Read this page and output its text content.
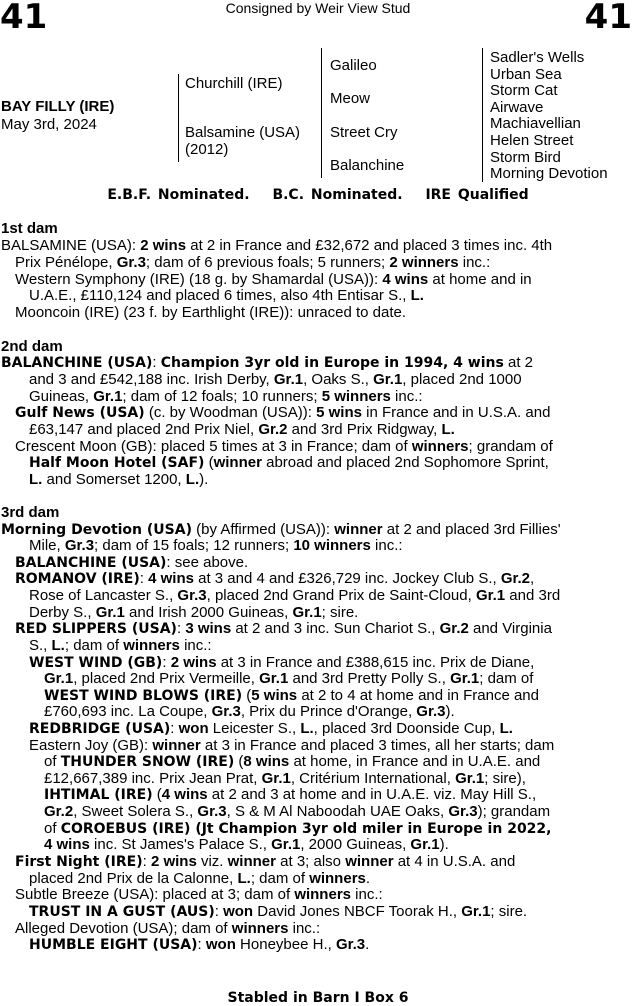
41	Consigned by Weir View Stud	41
BAY FILLY (IRE)
May 3rd, 2024
Churchill (IRE)
Balsamine (USA)
(2012)
Galileo
Meow
Street Cry
Balanchine
Sadler's Wells
Urban Sea
Storm Cat
Airwave
Machiavellian
Helen Street
Storm Bird
Morning Devotion
E.B.F. Nominated. B.C. Nominated. IRE Qualified
1st dam
BALSAMINE (USA): 2 wins at 2 in France and £32,672 and placed 3 times inc. 4th
Prix Pénélope, Gr.3; dam of 6 previous foals; 5 runners; 2 winners inc.:
Western Symphony (IRE) (18 g. by Shamardal (USA)): 4 wins at home and in
U.A.E., £110,124 and placed 6 times, also 4th Entisar S., L.
Mooncoin (IRE) (23 f. by Earthlight (IRE)): unraced to date.
2nd dam
BALANCHINE (USA): Champion 3yr old in Europe in 1994, 4 wins at 2
and 3 and £542,188 inc. Irish Derby, Gr.1, Oaks S., Gr.1, placed 2nd 1000
Guineas, Gr.1; dam of 12 foals; 10 runners; 5 winners inc.:
Gulf News (USA) (c. by Woodman (USA)): 5 wins in France and in U.S.A. and
£63,147 and placed 2nd Prix Niel, Gr.2 and 3rd Prix Ridgway, L.
Crescent Moon (GB): placed 5 times at 3 in France; dam of winners; grandam of
Half Moon Hotel (SAF) (winner abroad and placed 2nd Sophomore Sprint,
L. and Somerset 1200, L.).
3rd dam
Morning Devotion (USA) (by Affirmed (USA)): winner at 2 and placed 3rd Fillies'
Mile, Gr.3; dam of 15 foals; 12 runners; 10 winners inc.:
BALANCHINE (USA): see above.
ROMANOV (IRE): 4 wins at 3 and 4 and £326,729 inc. Jockey Club S., Gr.2,
Rose of Lancaster S., Gr.3, placed 2nd Grand Prix de Saint-Cloud, Gr.1 and 3rd
Derby S., Gr.1 and Irish 2000 Guineas, Gr.1; sire.
RED SLIPPERS (USA): 3 wins at 2 and 3 inc. Sun Chariot S., Gr.2 and Virginia
S., L.; dam of winners inc.:
WEST WIND (GB): 2 wins at 3 in France and £388,615 inc. Prix de Diane,
Gr.1, placed 2nd Prix Vermeille, Gr.1 and 3rd Pretty Polly S., Gr.1; dam of
WEST WIND BLOWS (IRE) (5 wins at 2 to 4 at home and in France and
£760,693 inc. La Coupe, Gr.3, Prix du Prince d'Orange, Gr.3).
REDBRIDGE (USA): won Leicester S., L., placed 3rd Doonside Cup, L.
Eastern Joy (GB): winner at 3 in France and placed 3 times, all her starts; dam
of THUNDER SNOW (IRE) (8 wins at home, in France and in U.A.E. and
£12,667,389 inc. Prix Jean Prat, Gr.1, Critérium International, Gr.1; sire),
IHTIMAL (IRE) (4 wins at 2 and 3 at home and in U.A.E. viz. May Hill S.,
Gr.2, Sweet Solera S., Gr.3, S & M Al Naboodah UAE Oaks, Gr.3); grandam
of COROEBUS (IRE) (Jt Champion 3yr old miler in Europe in 2022,
4 wins inc. St James's Palace S., Gr.1, 2000 Guineas, Gr.1).
First Night (IRE): 2 wins viz. winner at 3; also winner at 4 in U.S.A. and
placed 2nd Prix de la Calonne, L.; dam of winners.
Subtle Breeze (USA): placed at 3; dam of winners inc.:
TRUST IN A GUST (AUS): won David Jones NBCF Toorak H., Gr.1; sire.
Alleged Devotion (USA); dam of winners inc.:
HUMBLE EIGHT (USA): won Honeybee H., Gr.3.
Stabled in Barn I Box 6
